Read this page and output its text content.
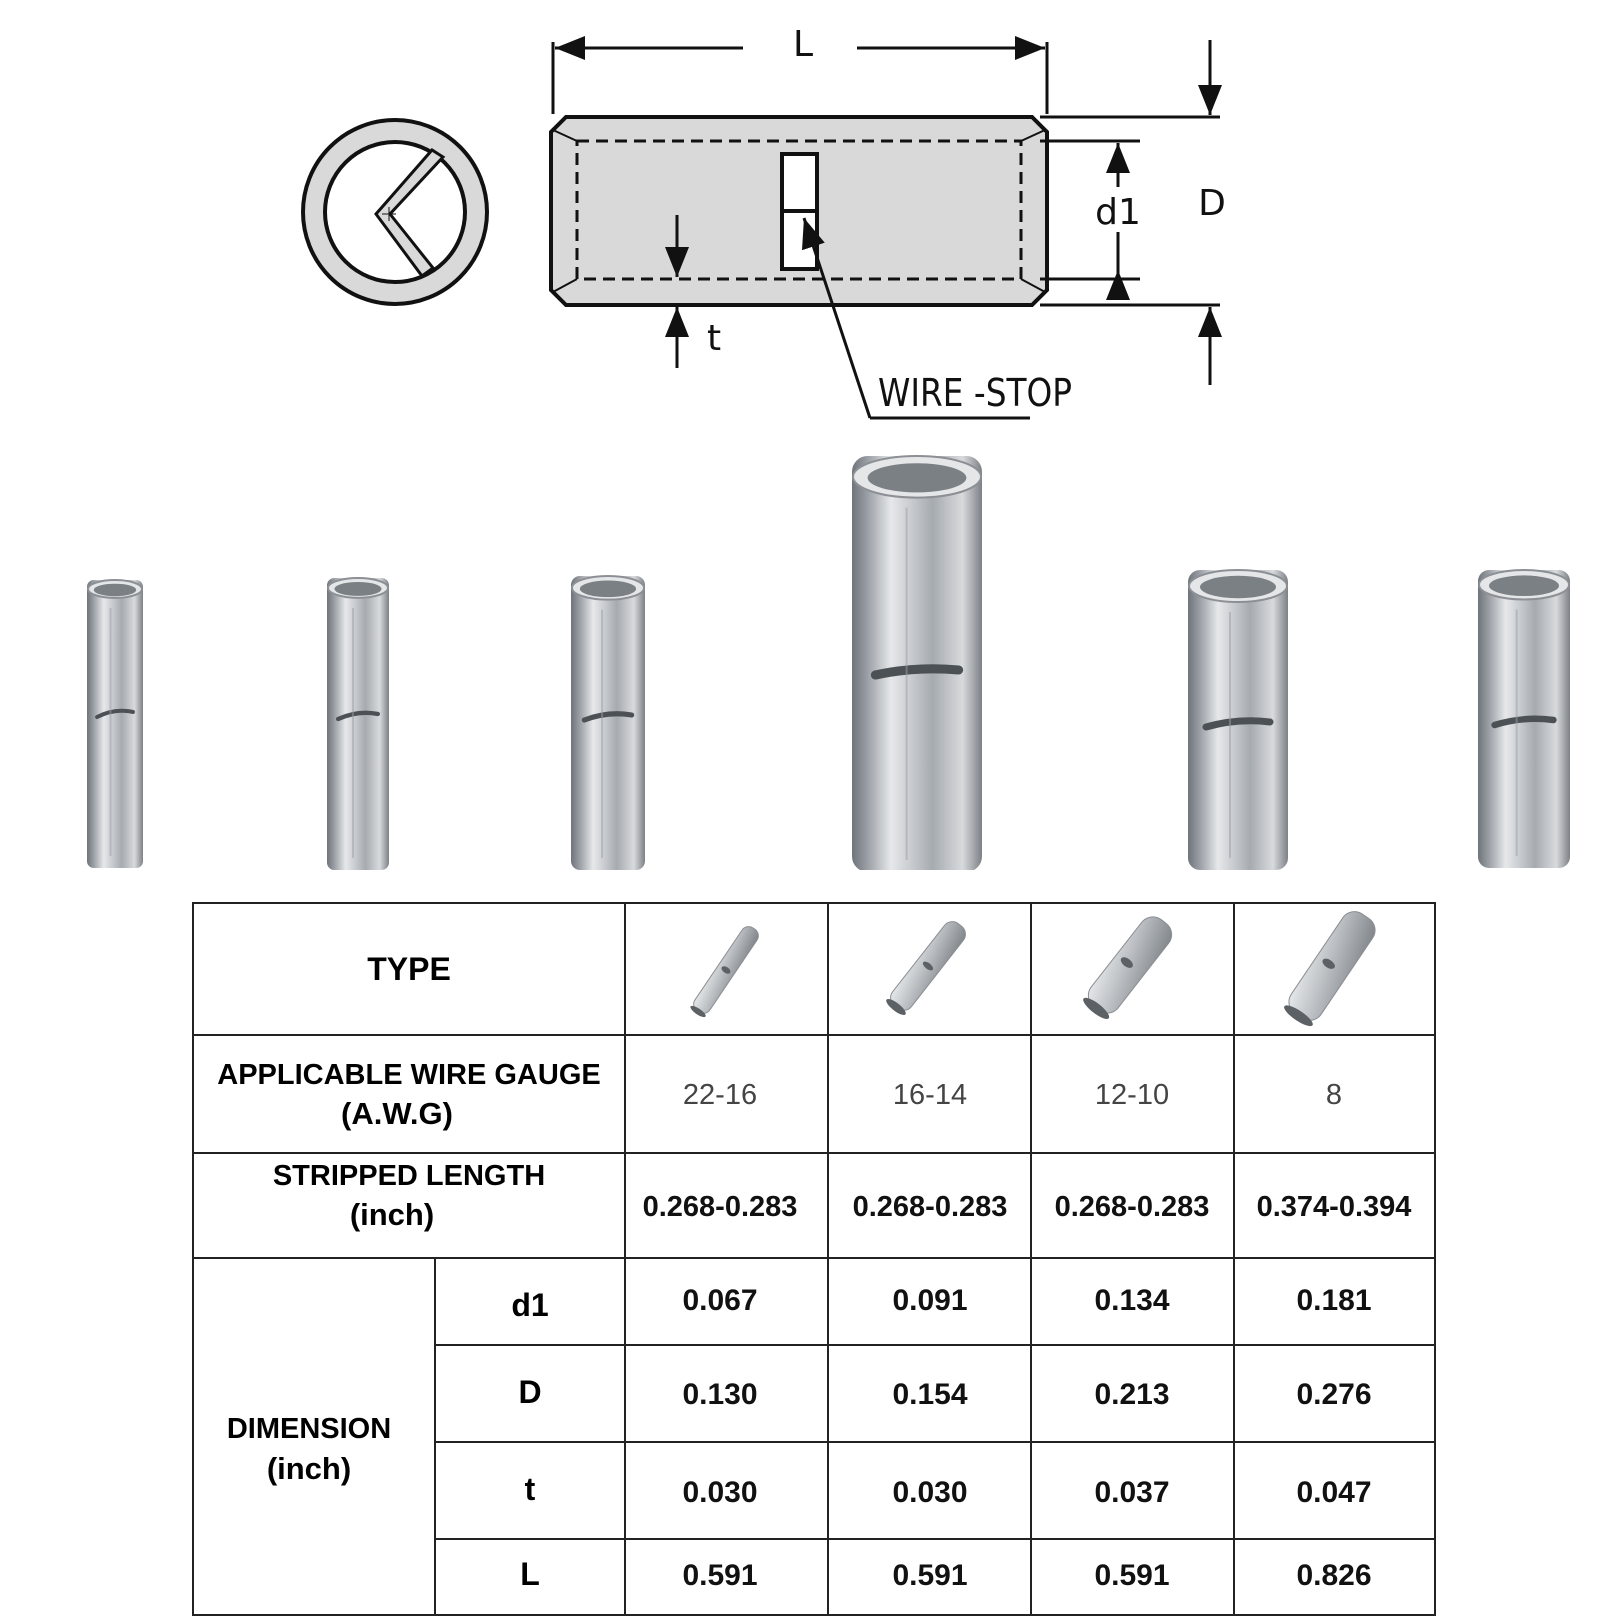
L
D
d1
t
WIRE -STOP
TYPE
APPLICABLE WIRE GAUGE
(A.W.G)
STRIPPED LENGTH
(inch)
DIMENSION
(inch)
d1
D
t
L
22-16
0.268-0.283
0.067
0.130
0.030
0.591
16-14
0.268-0.283
0.091
0.154
0.030
0.591
12-10
0.268-0.283
0.134
0.213
0.037
0.591
8
0.374-0.394
0.181
0.276
0.047
0.826
